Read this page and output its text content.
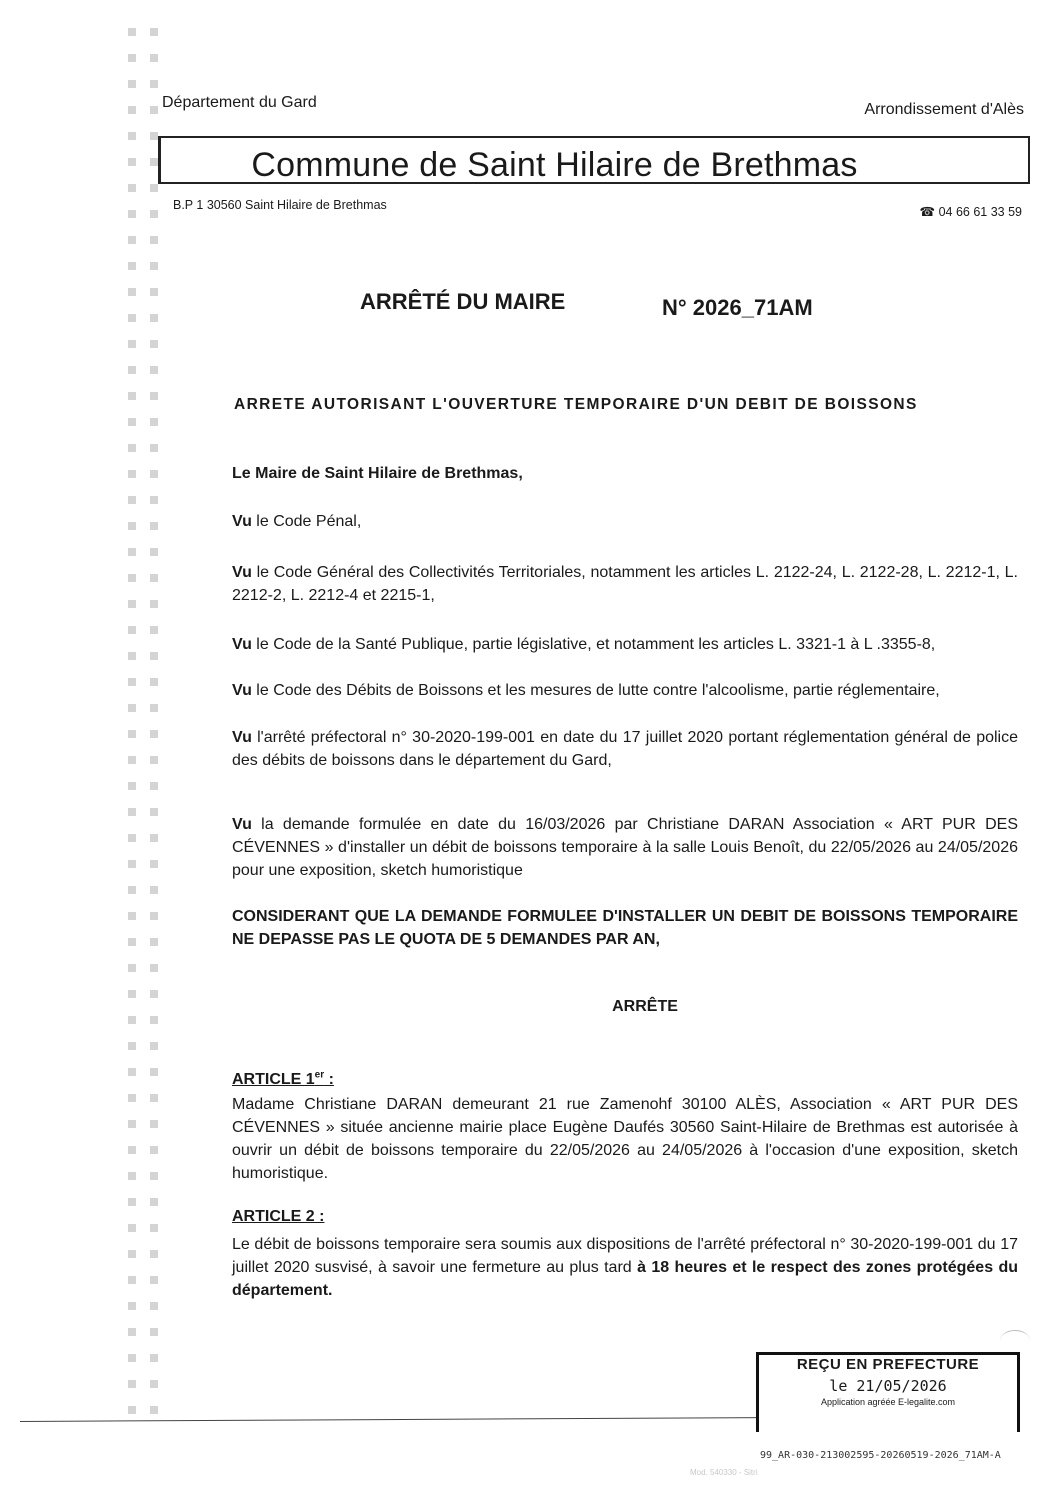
Département du Gard	Arrondissement d'Alès
Commune de Saint Hilaire de Brethmas
B.P 1 30560 Saint Hilaire de Brethmas	☎ 04 66 61 33 59
ARRÊTÉ DU MAIRE	N° 2026_71AM
ARRETE AUTORISANT L'OUVERTURE TEMPORAIRE D'UN DEBIT DE BOISSONS
Le Maire de Saint Hilaire de Brethmas,
Vu le Code Pénal,
Vu le Code Général des Collectivités Territoriales, notamment les articles L. 2122-24, L. 2122-28, L. 2212-1, L. 2212-2, L. 2212-4 et 2215-1,
Vu le Code de la Santé Publique, partie législative, et notamment les articles L. 3321-1 à L .3355-8,
Vu le Code des Débits de Boissons et les mesures de lutte contre l'alcoolisme, partie réglementaire,
Vu l'arrêté préfectoral n° 30-2020-199-001 en date du 17 juillet 2020 portant réglementation général de police des débits de boissons dans le département du Gard,
Vu la demande formulée en date du 16/03/2026 par Christiane DARAN Association « ART PUR DES CÉVENNES » d'installer un débit de boissons temporaire à la salle Louis Benoît, du 22/05/2026 au 24/05/2026 pour une exposition, sketch humoristique
CONSIDERANT QUE LA DEMANDE FORMULEE D'INSTALLER UN DEBIT DE BOISSONS TEMPORAIRE NE DEPASSE PAS LE QUOTA DE 5 DEMANDES PAR AN,
ARRÊTE
ARTICLE 1er :
Madame Christiane DARAN demeurant 21 rue Zamenohf 30100 ALÈS, Association « ART PUR DES CÉVENNES » située ancienne mairie place Eugène Daufés 30560 Saint-Hilaire de Brethmas est autorisée à ouvrir un débit de boissons temporaire du 22/05/2026 au 24/05/2026 à l'occasion d'une exposition, sketch humoristique.
ARTICLE 2 :
Le débit de boissons temporaire sera soumis aux dispositions de l'arrêté préfectoral n° 30-2020-199-001 du 17 juillet 2020 susvisé, à savoir une fermeture au plus tard à 18 heures et le respect des zones protégées du département.
REÇU EN PREFECTURE
le 21/05/2026
Application agréée E-legalite.com
99_AR-030-213002595-20260519-2026_71AM-A
Mod. 540330 - Sitri
